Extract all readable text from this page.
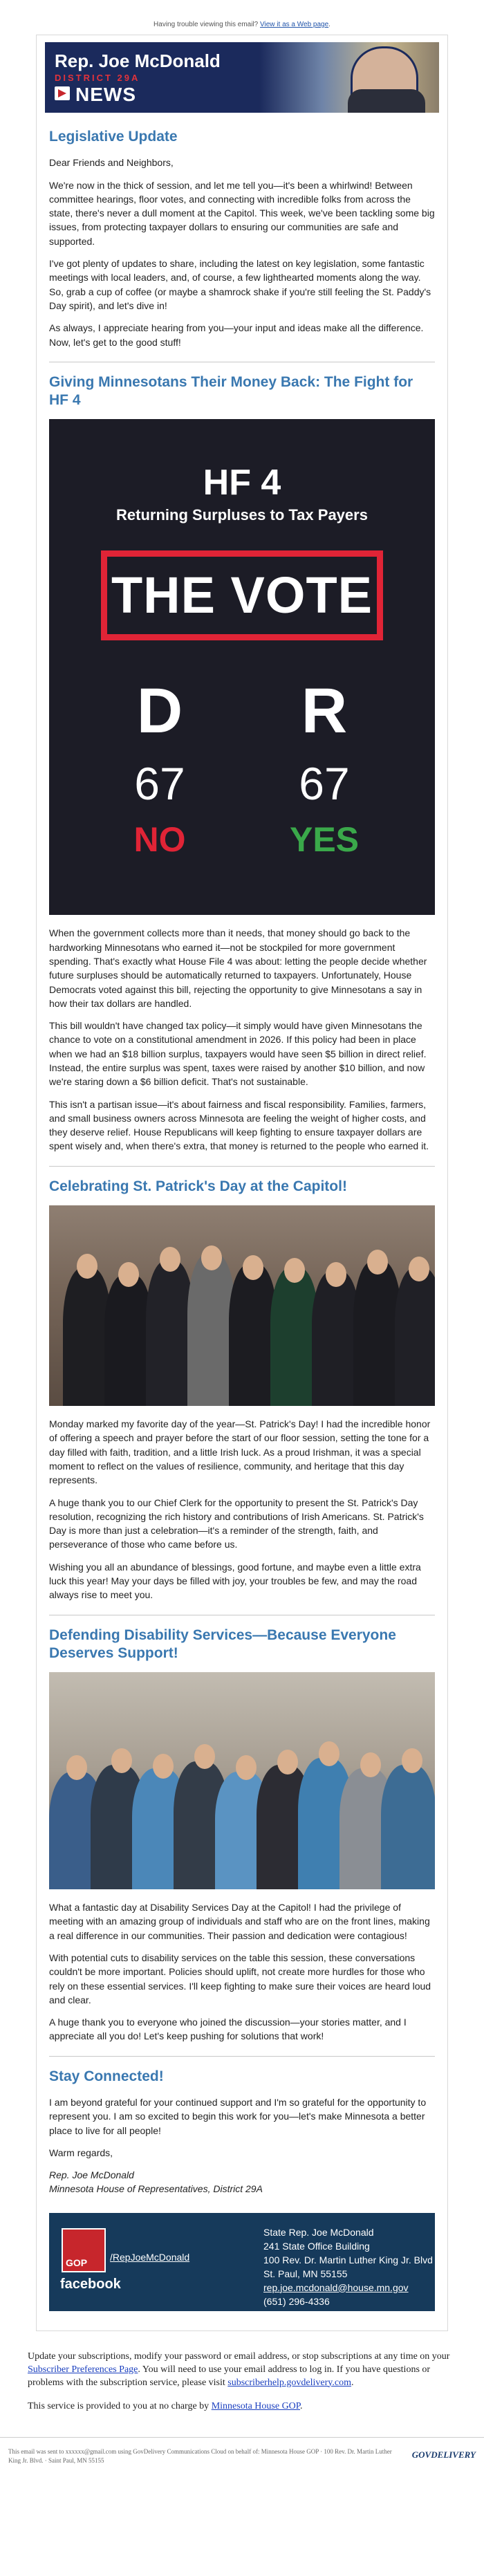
Having trouble viewing this email? View it as a Web page.
Rep. Joe McDonald
DISTRICT 29A
NEWS
Legislative Update

Dear Friends and Neighbors,

We're now in the thick of session, and let me tell you—it's been a whirlwind! Between committee hearings, floor votes, and connecting with incredible folks from across the state, there's never a dull moment at the Capitol. This week, we've been tackling some big issues, from protecting taxpayer dollars to ensuring our communities are safe and supported.

I've got plenty of updates to share, including the latest on key legislation, some fantastic meetings with local leaders, and, of course, a few lighthearted moments along the way. So, grab a cup of coffee (or maybe a shamrock shake if you're still feeling the St. Paddy's Day spirit), and let's dive in!

As always, I appreciate hearing from you—your input and ideas make all the difference. Now, let's get to the good stuff!

Giving Minnesotans Their Money Back: The Fight for HF 4
HF 4
Returning Surpluses to Tax Payers
THE VOTE
D
67
NO
R
67
YES

When the government collects more than it needs, that money should go back to the hardworking Minnesotans who earned it—not be stockpiled for more government spending. That's exactly what House File 4 was about: letting the people decide whether future surpluses should be automatically returned to taxpayers. Unfortunately, House Democrats voted against this bill, rejecting the opportunity to give Minnesotans a say in how their tax dollars are handled.

This bill wouldn't have changed tax policy—it simply would have given Minnesotans the chance to vote on a constitutional amendment in 2026. If this policy had been in place when we had an $18 billion surplus, taxpayers would have seen $5 billion in direct relief. Instead, the entire surplus was spent, taxes were raised by another $10 billion, and now we're staring down a $6 billion deficit. That's not sustainable.

This isn't a partisan issue—it's about fairness and fiscal responsibility. Families, farmers, and small business owners across Minnesota are feeling the weight of higher costs, and they deserve relief. House Republicans will keep fighting to ensure taxpayer dollars are spent wisely and, when there's extra, that money is returned to the people who earned it.

Celebrating St. Patrick's Day at the Capitol!

Monday marked my favorite day of the year—St. Patrick's Day! I had the incredible honor of offering a speech and prayer before the start of our floor session, setting the tone for a day filled with faith, tradition, and a little Irish luck. As a proud Irishman, it was a special moment to reflect on the values of resilience, community, and heritage that this day represents.

A huge thank you to our Chief Clerk for the opportunity to present the St. Patrick's Day resolution, recognizing the rich history and contributions of Irish Americans. St. Patrick's Day is more than just a celebration—it's a reminder of the strength, faith, and perseverance of those who came before us.

Wishing you all an abundance of blessings, good fortune, and maybe even a little extra luck this year! May your days be filled with joy, your troubles be few, and may the road always rise to meet you.

Defending Disability Services—Because Everyone Deserves Support!

What a fantastic day at Disability Services Day at the Capitol! I had the privilege of meeting with an amazing group of individuals and staff who are on the front lines, making a real difference in our communities. Their passion and dedication were contagious!

With potential cuts to disability services on the table this session, these conversations couldn't be more important. Policies should uplift, not create more hurdles for those who rely on these essential services. I'll keep fighting to make sure their voices are heard loud and clear.

A huge thank you to everyone who joined the discussion—your stories matter, and I appreciate all you do! Let's keep pushing for solutions that work!

Stay Connected!

I am beyond grateful for your continued support and I'm so grateful for the opportunity to represent you. I am so excited to begin this work for you—let's make Minnesota a better place to live for all people!

Warm regards,

Rep. Joe McDonald

Minnesota House of Representatives, District 29A

GOP
facebook
/RepJoeMcDonald
State Rep. Joe McDonald
241 State Office Building
100 Rev. Dr. Martin Luther King Jr. Blvd
St. Paul, MN 55155
rep.joe.mcdonald@house.mn.gov
(651) 296-4336

Update your subscriptions, modify your password or email address, or stop subscriptions at any time on your Subscriber Preferences Page. You will need to use your email address to log in. If you have questions or problems with the subscription service, please visit subscriberhelp.govdelivery.com.

This service is provided to you at no charge by Minnesota House GOP.

This email was sent to xxxxxx@gmail.com using GovDelivery Communications Cloud on behalf of: Minnesota House GOP · 100 Rev. Dr. Martin Luther King Jr. Blvd. · Saint Paul, MN 55155
GOVDELIVERY
